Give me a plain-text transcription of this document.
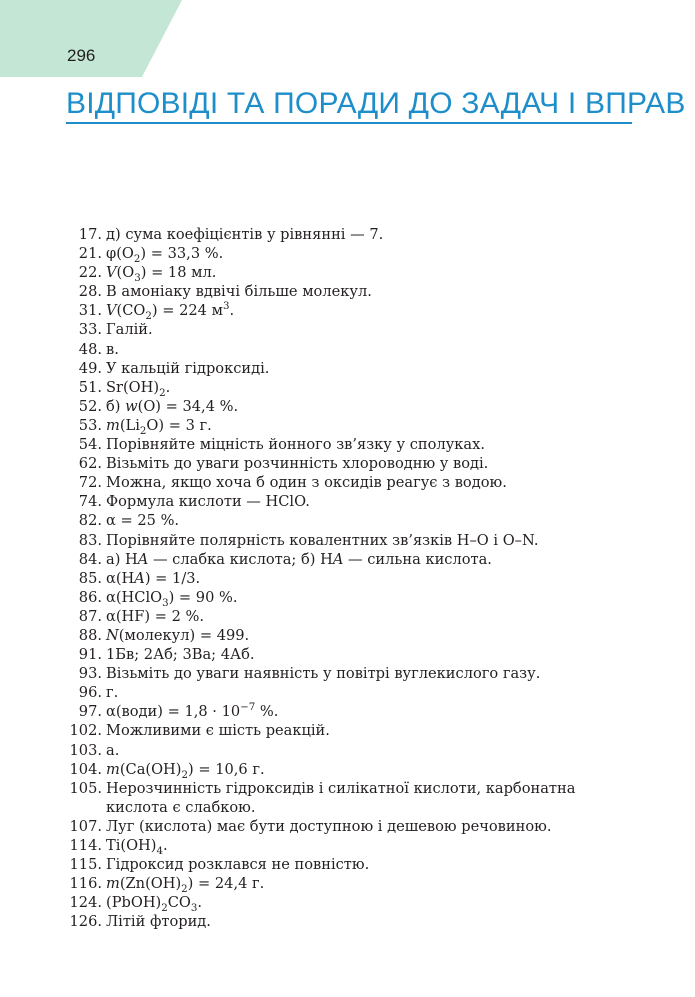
296
ВІДПОВІДІ ТА ПОРАДИ ДО ЗАДАЧ І ВПРАВ
17. д) сума коефіцієнтів у рівнянні — 7.
21. $\varphi(O_2) = 33,3$ %.
22. $V(O_3) = 18$ мл.
28. В амоніаку вдвічі більше молекул.
31. $V(CO_2) = 224$ $м^3$.
33. Галій.
48. в.
49. У кальцій гідроксиді.
51. $Sr(OH)_2$.
52. б) w(O) = 34,4 %.
53. $m(Li_2O) = 3$ г.
54. Порівняйте міцність йонного зв’язку у сполуках.
62. Візьміть до уваги розчинність хлороводню у воді.
72. Можна, якщо хоча б один з оксидів реагує з водою.
74. Формула кислоти — HClO.
82. α = 25 %.
83. Порівняйте полярність ковалентних зв’язків H–O і O–N.
84. а) HA — слабка кислота; б) HA — сильна кислота.
85. α(HA) = 1/3.
86. α(HClO$_3$) = 90 %.
87. α(HF) = 2 %.
88. N(молекул) = 499.
91. 1Бв; 2Аб; 3Ва; 4Аб.
93. Візьміть до уваги наявність у повітрі вуглекислого газу.
96. г.
97. α(води) = $1,8 \cdot 10^{-7}$ %.
102. Можливими є шість реакцій.
103. а.
104. $m(Ca(OH)_2) = 10,6$ г.
105. Нерозчинність гідроксидів і силікатної кислоти, карбонатна кислота є слабкою.
107. Луг (кислота) має бути доступною і дешевою речовиною.
114. $Ti(OH)_4$.
115. Гідроксид розклався не повністю.
116. $m(Zn(OH)_2) = 24,4$ г.
124. $(PbOH)_2CO_3$.
126. Літій фторид.
